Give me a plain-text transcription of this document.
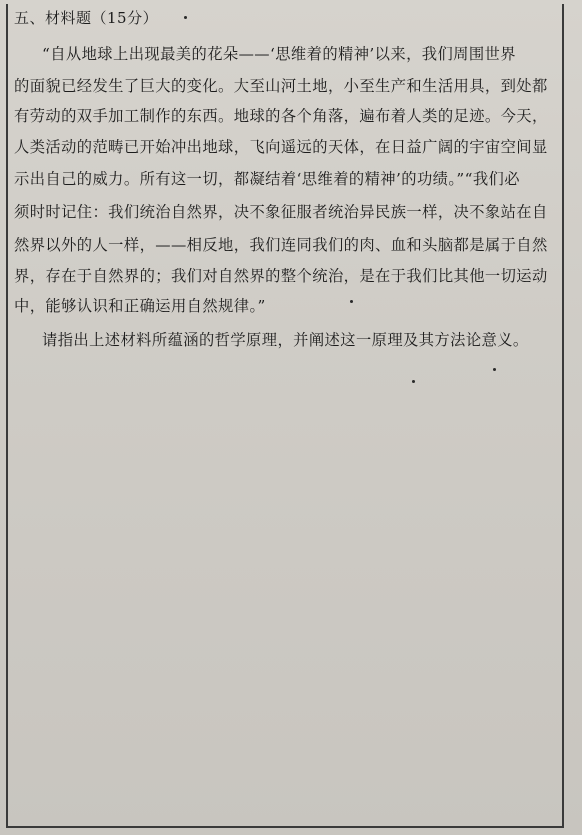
五、材料题（15分）
“自从地球上出现最美的花朵——‘思维着的精神’以来，我们周围世界
的面貌已经发生了巨大的变化。大至山河土地，小至生产和生活用具，到处都
有劳动的双手加工制作的东西。地球的各个角落，遍布着人类的足迹。今天，
人类活动的范畴已开始冲出地球，飞向遥远的天体，在日益广阔的宇宙空间显
示出自己的威力。所有这一切，都凝结着‘思维着的精神’的功绩。”“我们必
须时时记住：我们统治自然界，决不象征服者统治异民族一样，决不象站在自
然界以外的人一样，——相反地，我们连同我们的肉、血和头脑都是属于自然
界，存在于自然界的；我们对自然界的整个统治，是在于我们比其他一切运动
中，能够认识和正确运用自然规律。”
请指出上述材料所蕴涵的哲学原理，并阐述这一原理及其方法论意义。
